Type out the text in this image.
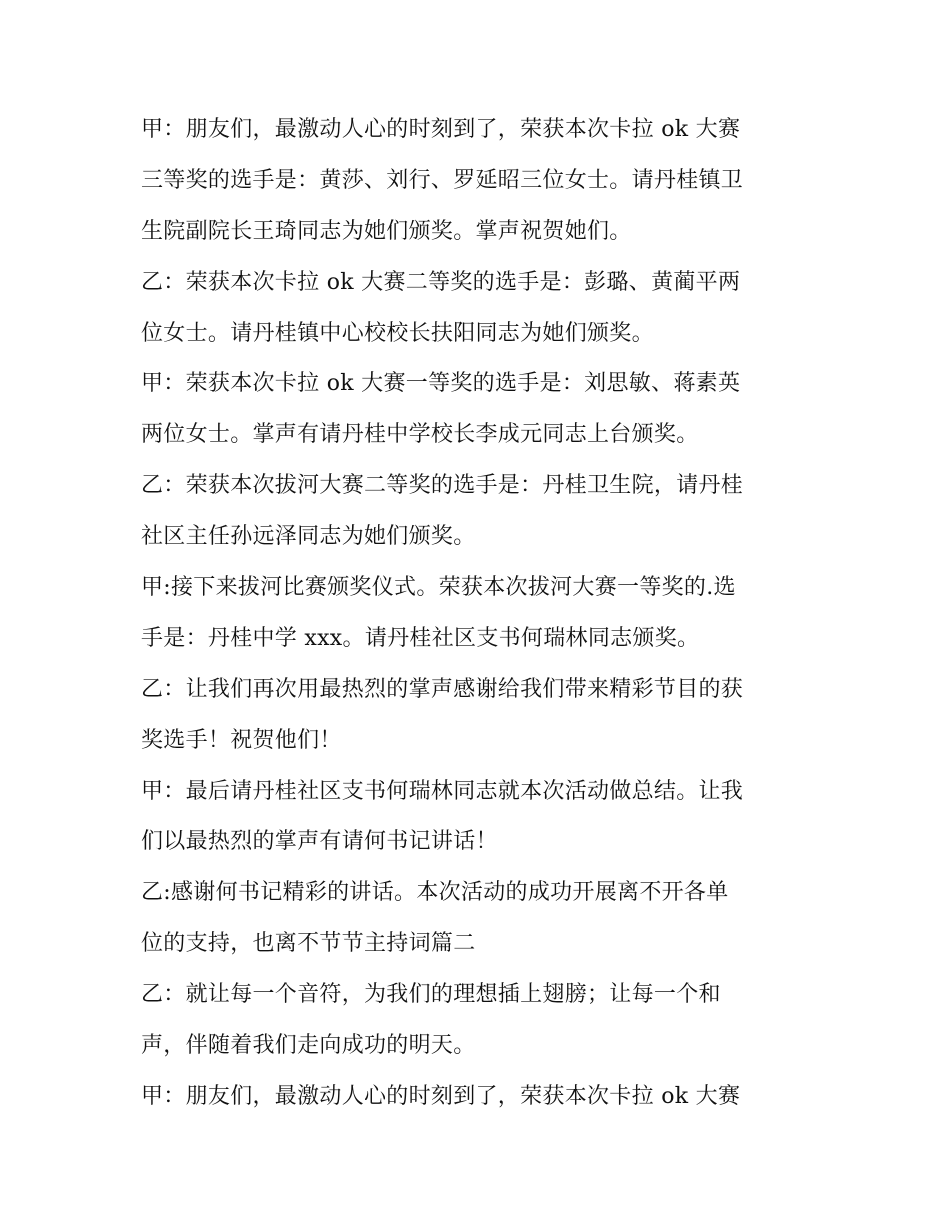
甲：朋友们，最激动人心的时刻到了，荣获本次卡拉 ok 大赛
三等奖的选手是：黄莎、刘行、罗延昭三位女士。请丹桂镇卫
生院副院长王琦同志为她们颁奖。掌声祝贺她们。
乙：荣获本次卡拉 ok 大赛二等奖的选手是：彭璐、黄蔺平两
位女士。请丹桂镇中心校校长扶阳同志为她们颁奖。
甲：荣获本次卡拉 ok 大赛一等奖的选手是：刘思敏、蒋素英
两位女士。掌声有请丹桂中学校长李成元同志上台颁奖。
乙：荣获本次拔河大赛二等奖的选手是：丹桂卫生院，请丹桂
社区主任孙远泽同志为她们颁奖。
甲:接下来拔河比赛颁奖仪式。荣获本次拔河大赛一等奖的.选
手是：丹桂中学 xxx。请丹桂社区支书何瑞林同志颁奖。
乙：让我们再次用最热烈的掌声感谢给我们带来精彩节目的获
奖选手！祝贺他们！
甲：最后请丹桂社区支书何瑞林同志就本次活动做总结。让我
们以最热烈的掌声有请何书记讲话！
乙:感谢何书记精彩的讲话。本次活动的成功开展离不开各单
位的支持，也离不节节主持词篇二
乙：就让每一个音符，为我们的理想插上翅膀；让每一个和
声，伴随着我们走向成功的明天。
甲：朋友们，最激动人心的时刻到了，荣获本次卡拉 ok 大赛
